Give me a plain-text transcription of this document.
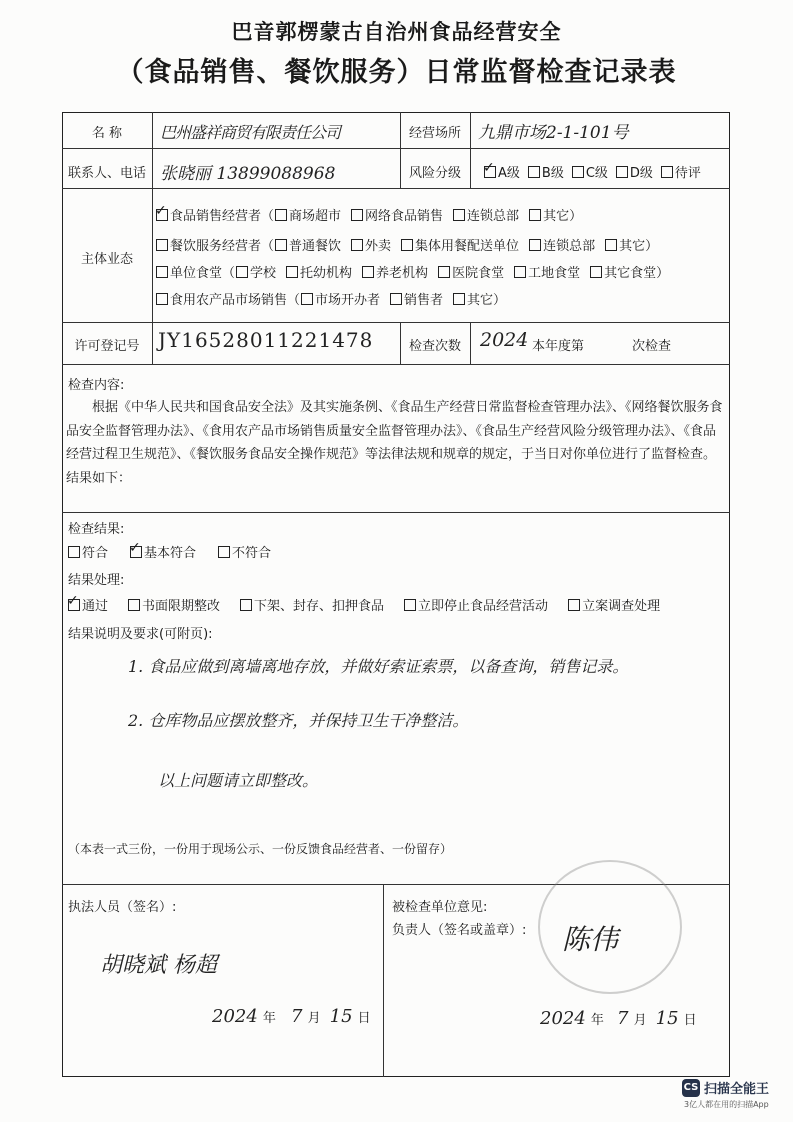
巴音郭楞蒙古自治州食品经营安全
（食品销售、餐饮服务）日常监督检查记录表
名 称	巴州盛祥商贸有限责任公司	经营场所	九鼎市场2-1-101号
联系人、电话 张晓丽 13899088968	风险分级 ✓	A级 B级 C级 D级 待评
主体业态
✓食品销售经营者（ 商场超市 网络食品销售 连锁总部 其它）
餐饮服务经营者（ 普通餐饮 外卖 集体用餐配送单位 连锁总部 其它）
单位食堂（ 学校 托幼机构 养老机构 医院食堂 工地食堂 其它食堂）
食用农产品市场销售（ 市场开办者 销售者 其它）
许可登记号 JY16528011221478	检查次数	2024 本年度第	次检查
检查内容:
根据《中华人民共和国食品安全法》及其实施条例、《食品生产经营日常监督检查管理办法》、《网络餐饮服务食品安全监督管理办法》、《食用农产品市场销售质量安全监督管理办法》、《食品生产经营风险分级管理办法》、《食品经营过程卫生规范》、《餐饮服务食品安全操作规范》等法律法规和规章的规定，于当日对你单位进行了监督检查。结果如下：
检查结果:
符合 ✓	基本符合	不符合
结果处理:
✓通过	书面限期整改	下架、封存、扣押食品	立即停止食品经营活动	立案调查处理
结果说明及要求(可附页):
1. 食品应做到离墙离地存放，并做好索证索票，以备查询，销售记录。
2. 仓库物品应摆放整齐，并保持卫生干净整洁。
以上问题请立即整改。
（本表一式三份，一份用于现场公示、一份反馈食品经营者、一份留存）
执法人员（签名）:
胡晓斌 杨超
2024 年 7 月 15 日
被检查单位意见:
负责人（签名或盖章）: 陈伟
2024 年 7 月 15 日
CS 扫描全能王
3亿人都在用的扫描App
